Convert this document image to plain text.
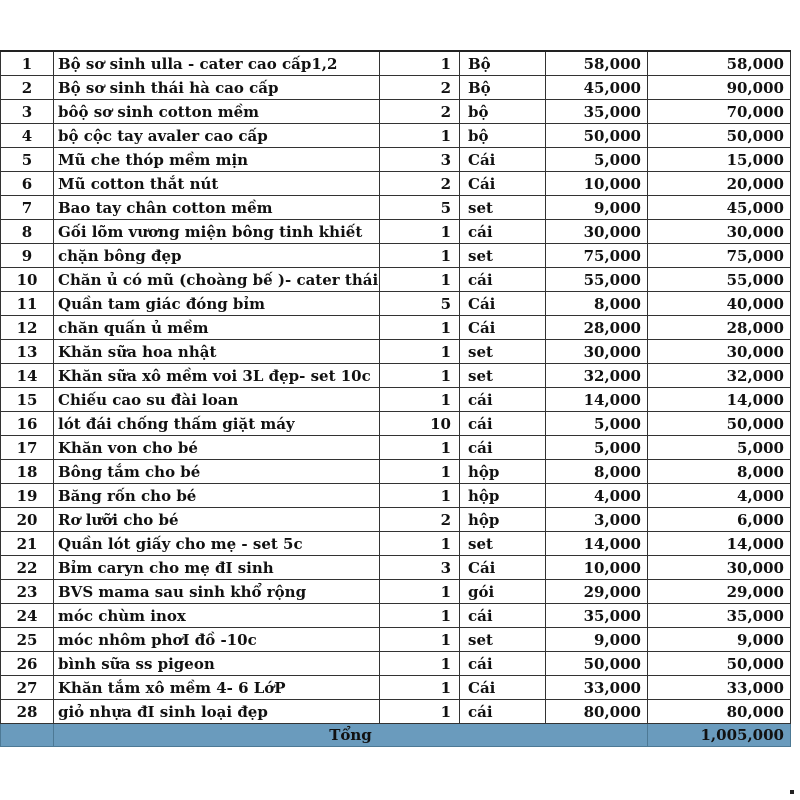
1	Bộ sơ sinh ulla - cater cao cấp1,2	1	Bộ	58,000	58,000
2	Bộ sơ sinh thái hà cao cấp	2	Bộ	45,000	90,000
3	bôộ sơ sinh cotton mềm	2	bộ	35,000	70,000
4	bộ cộc tay avaler cao cấp	1	bộ	50,000	50,000
5	Mũ che thóp mềm mịn	3	Cái	5,000	15,000
6	Mũ cotton thắt nút	2	Cái	10,000	20,000
7	Bao tay chân cotton mềm	5	set	9,000	45,000
8	Gối lõm vương miện bông tinh khiết	1	cái	30,000	30,000
9	chặn bông đẹp	1	set	75,000	75,000
10	Chăn ủ có mũ (choàng bế )- cater thái	1	cái	55,000	55,000
11	Quần tam giác đóng bỉm	5	Cái	8,000	40,000
12	chăn quấn ủ mềm	1	Cái	28,000	28,000
13	Khăn sữa hoa nhật	1	set	30,000	30,000
14	Khăn sữa xô mềm voi 3L đẹp- set 10c	1	set	32,000	32,000
15	Chiếu cao su đài loan	1	cái	14,000	14,000
16	lót đái chống thấm giặt máy	10	cái	5,000	50,000
17	Khăn von cho bé	1	cái	5,000	5,000
18	Bông tắm cho bé	1	hộp	8,000	8,000
19	Băng rốn cho bé	1	hộp	4,000	4,000
20	Rơ lưỡi cho bé	2	hộp	3,000	6,000
21	Quần lót giấy cho mẹ - set 5c	1	set	14,000	14,000
22	Bỉm caryn cho mẹ đI sinh	3	Cái	10,000	30,000
23	BVS mama sau sinh khổ rộng	1	gói	29,000	29,000
24	móc chùm inox	1	cái	35,000	35,000
25	móc nhôm phơI đồ -10c	1	set	9,000	9,000
26	bình sữa ss pigeon	1	cái	50,000	50,000
27	Khăn tắm xô mềm 4- 6 LớP	1	Cái	33,000	33,000
28	giỏ nhựa đI sinh loại đẹp	1	cái	80,000	80,000
	Tổng				1,005,000
